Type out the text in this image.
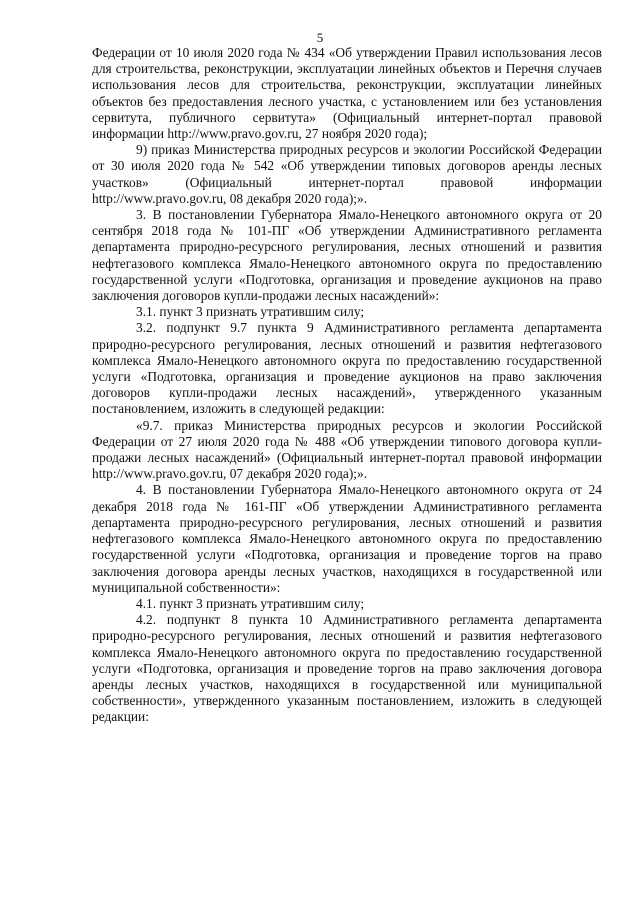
5

Федерации от 10 июля 2020 года № 434 «Об утверждении Правил использования лесов для строительства, реконструкции, эксплуатации линейных объектов и Перечня случаев использования лесов для строительства, реконструкции, эксплуатации линейных объектов без предоставления лесного участка, с установлением или без установления сервитута, публичного сервитута» (Официальный интернет-портал правовой информации http://www.pravo.gov.ru, 27 ноября 2020 года);

9) приказ Министерства природных ресурсов и экологии Российской Федерации от 30 июля 2020 года № 542 «Об утверждении типовых договоров аренды лесных участков» (Официальный интернет-портал правовой информации http://www.pravo.gov.ru, 08 декабря 2020 года);».

3. В постановлении Губернатора Ямало-Ненецкого автономного округа от 20 сентября 2018 года № 101-ПГ «Об утверждении Административного регламента департамента природно-ресурсного регулирования, лесных отношений и развития нефтегазового комплекса Ямало-Ненецкого автономного округа по предоставлению государственной услуги «Подготовка, организация и проведение аукционов на право заключения договоров купли-продажи лесных насаждений»:

3.1. пункт 3 признать утратившим силу;

3.2. подпункт 9.7 пункта 9 Административного регламента департамента природно-ресурсного регулирования, лесных отношений и развития нефтегазового комплекса Ямало-Ненецкого автономного округа по предоставлению государственной услуги «Подготовка, организация и проведение аукционов на право заключения договоров купли-продажи лесных насаждений», утвержденного указанным постановлением, изложить в следующей редакции:

«9.7. приказ Министерства природных ресурсов и экологии Российской Федерации от 27 июля 2020 года № 488 «Об утверждении типового договора купли-продажи лесных насаждений» (Официальный интернет-портал правовой информации http://www.pravo.gov.ru, 07 декабря 2020 года);».

4. В постановлении Губернатора Ямало-Ненецкого автономного округа от 24 декабря 2018 года № 161-ПГ «Об утверждении Административного регламента департамента природно-ресурсного регулирования, лесных отношений и развития нефтегазового комплекса Ямало-Ненецкого автономного округа по предоставлению государственной услуги «Подготовка, организация и проведение торгов на право заключения договора аренды лесных участков, находящихся в государственной или муниципальной собственности»:

4.1. пункт 3 признать утратившим силу;

4.2. подпункт 8 пункта 10 Административного регламента департамента природно-ресурсного регулирования, лесных отношений и развития нефтегазового комплекса Ямало-Ненецкого автономного округа по предоставлению государственной услуги «Подготовка, организация и проведение торгов на право заключения договора аренды лесных участков, находящихся в государственной или муниципальной собственности», утвержденного указанным постановлением, изложить в следующей редакции:
